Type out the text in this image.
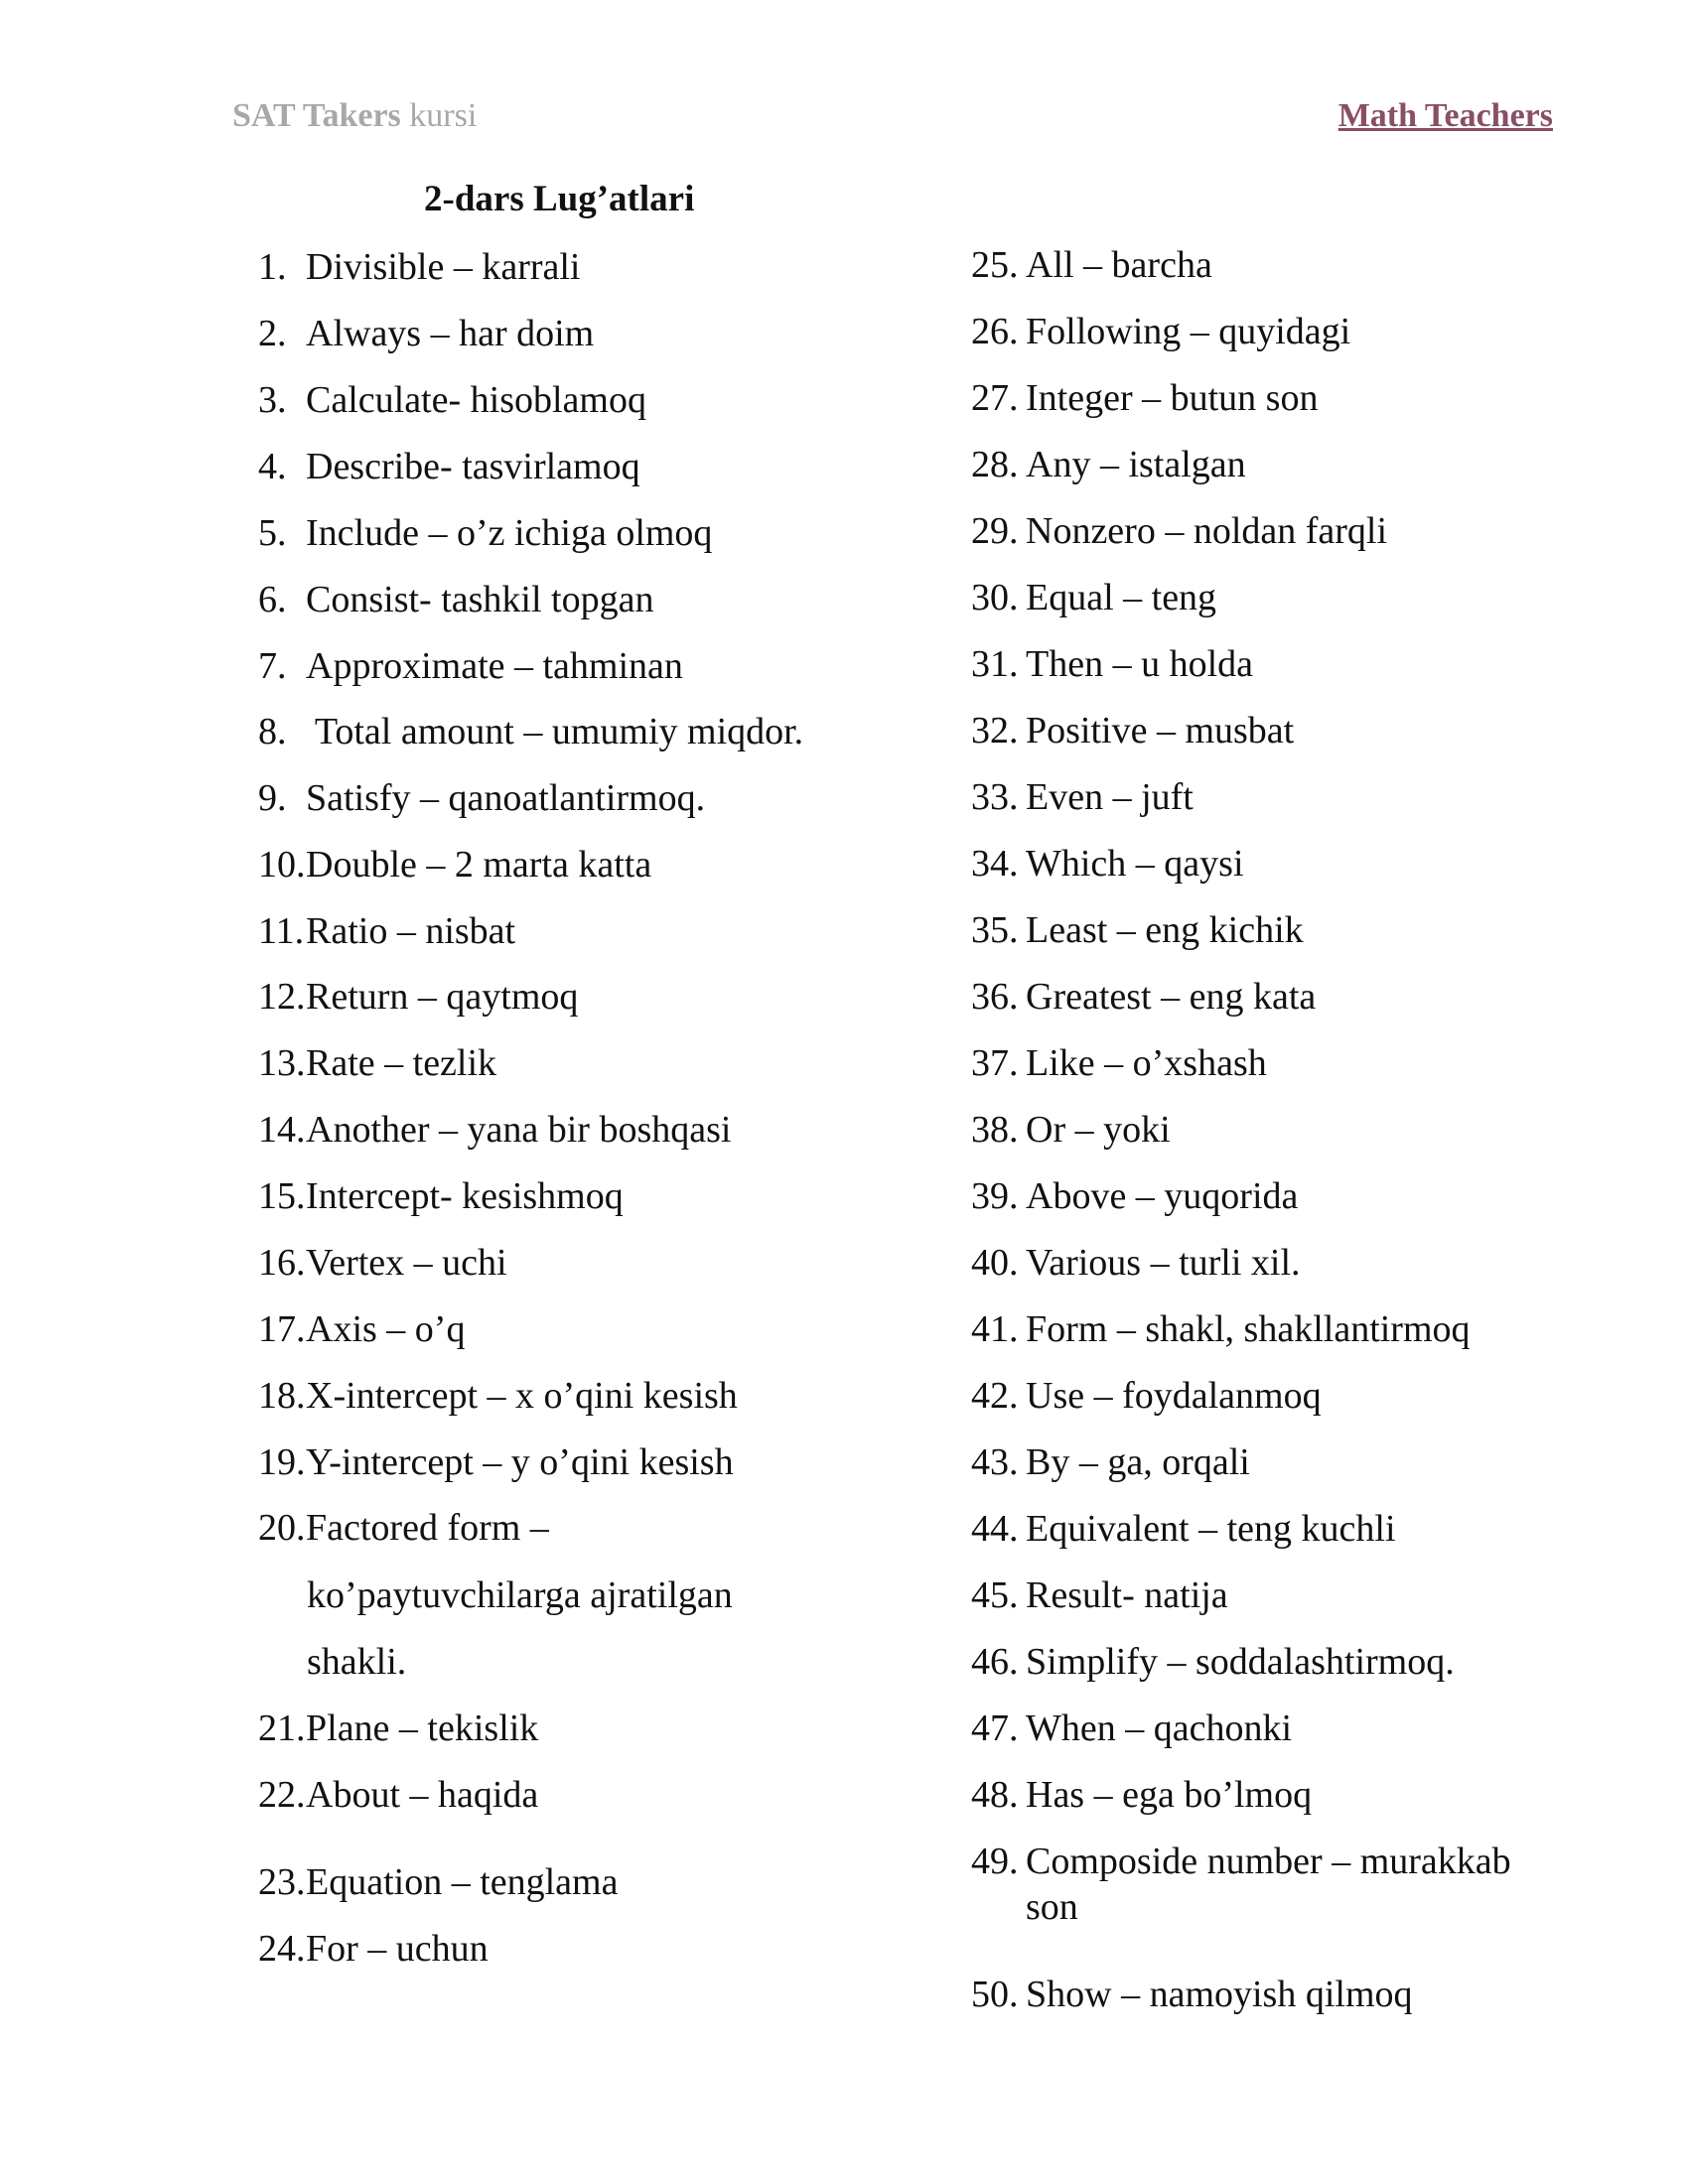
SAT Takers kursi	Math Teachers
2-dars Lug’atlari
1. Divisible – karrali
2. Always – har doim
3. Calculate- hisoblamoq
4. Describe- tasvirlamoq
5. Include – o’z ichiga olmoq
6. Consist- tashkil topgan
7. Approximate – tahminan
8. Total amount – umumiy miqdor.
9. Satisfy – qanoatlantirmoq.
10.Double – 2 marta katta
11.Ratio – nisbat
12.Return – qaytmoq
13.Rate – tezlik
14.Another – yana bir boshqasi
15.Intercept- kesishmoq
16.Vertex – uchi
17.Axis – o’q
18.X-intercept – x o’qini kesish
19.Y-intercept – y o’qini kesish
20.Factored form –
21.Plane – tekislik
22.About – haqida
23.Equation – tenglama
24.For – uchun
25. All – barcha
26. Following – quyidagi
27. Integer – butun son
28. Any – istalgan
29. Nonzero – noldan farqli
30. Equal – teng
31. Then – u holda
32. Positive – musbat
33. Even – juft
34. Which – qaysi
35. Least – eng kichik
36. Greatest – eng kata
37. Like – o’xshash
38. Or – yoki
39. Above – yuqorida
40. Various – turli xil.
41. Form – shakl, shakllantirmoq
42. Use – foydalanmoq
43. By – ga, orqali
44. Equivalent – teng kuchli
45. Result- natija
46. Simplify – soddalashtirmoq.
47. When – qachonki
48. Has – ega bo’lmoq
49. Composide number – murakkab
50. Show – namoyish qilmoq
ko’paytuvchilarga ajratilgan
shakli.
son
